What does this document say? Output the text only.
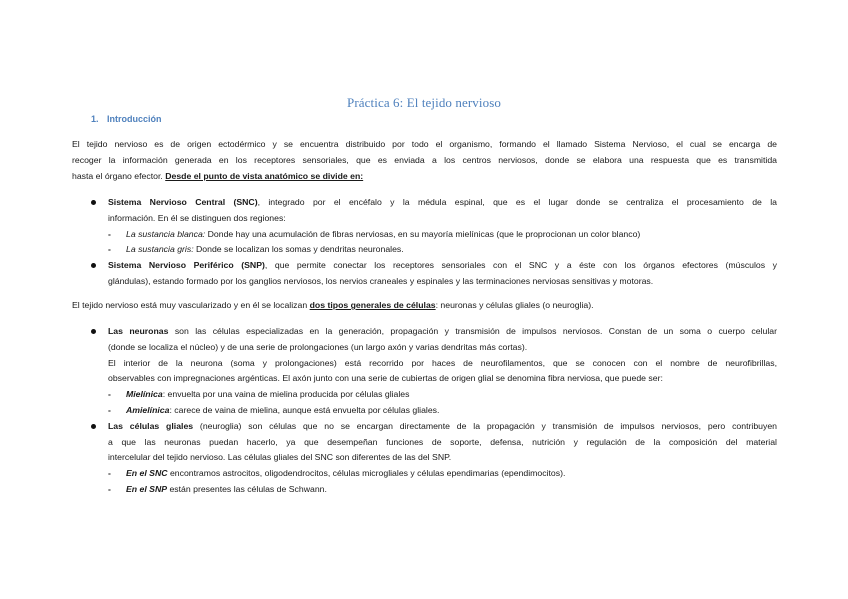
Práctica 6: El tejido nervioso
1. Introducción
El tejido nervioso es de origen ectodérmico y se encuentra distribuido por todo el organismo, formando el llamado Sistema Nervioso, el cual se encarga de
recoger la información generada en los receptores sensoriales, que es enviada a los centros nerviosos, donde se elabora una respuesta que es transmitida
hasta el órgano efector. Desde el punto de vista anatómico se divide en:
Sistema Nervioso Central (SNC), integrado por el encéfalo y la médula espinal, que es el lugar donde se centraliza el procesamiento de la
información. En él se distinguen dos regiones:
- La sustancia blanca: Donde hay una acumulación de fibras nerviosas, en su mayoría mielínicas (que le proprocionan un color blanco)
- La sustancia gris: Donde se localizan los somas y dendritas neuronales.
Sistema Nervioso Periférico (SNP), que permite conectar los receptores sensoriales con el SNC y a éste con los órganos efectores (músculos y
glándulas), estando formado por los ganglios nerviosos, los nervios craneales y espinales y las terminaciones nerviosas sensitivas y motoras.
El tejido nervioso está muy vascularizado y en él se localizan dos tipos generales de células: neuronas y células gliales (o neuroglia).
Las neuronas son las células especializadas en la generación, propagación y transmisión de impulsos nerviosos. Constan de un soma o cuerpo celular
(donde se localiza el núcleo) y de una serie de prolongaciones (un largo axón y varias dendritas más cortas).
El interior de la neurona (soma y prolongaciones) está recorrido por haces de neurofilamentos, que se conocen con el nombre de neurofibrillas,
observables con impregnaciones argénticas. El axón junto con una serie de cubiertas de origen glial se denomina fibra nerviosa, que puede ser:
- Mielínica: envuelta por una vaina de mielina producida por células gliales
- Amielínica: carece de vaina de mielina, aunque está envuelta por células gliales.
Las células gliales (neuroglia) son células que no se encargan directamente de la propagación y transmisión de impulsos nerviosos, pero contribuyen
a que las neuronas puedan hacerlo, ya que desempeñan funciones de soporte, defensa, nutrición y regulación de la composición del material
intercelular del tejido nervioso. Las células gliales del SNC son diferentes de las del SNP.
- En el SNC encontramos astrocitos, oligodendrocitos, células microgliales y células ependimarias (ependimocitos).
- En el SNP están presentes las células de Schwann.
